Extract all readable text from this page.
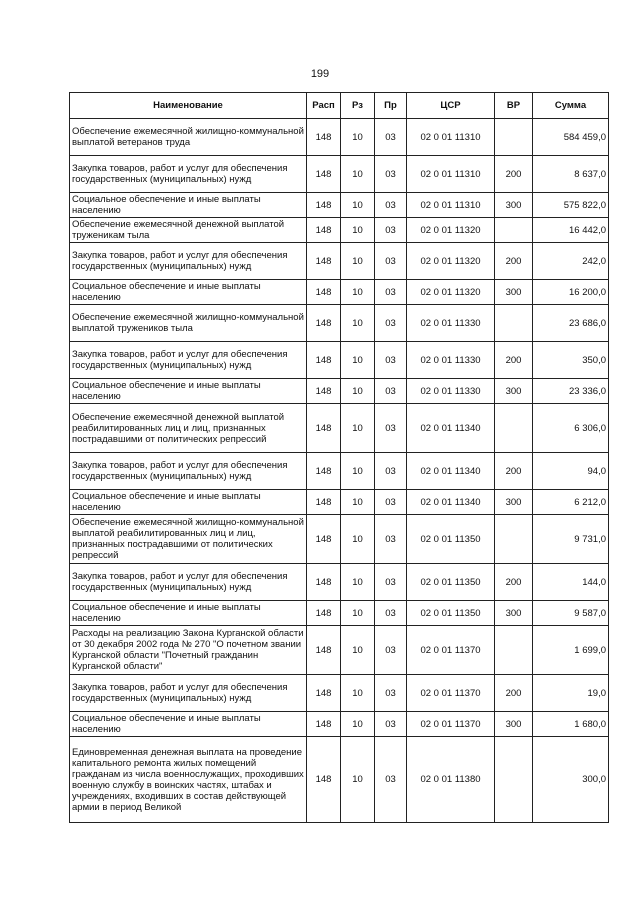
199
Наименование	Расп	Рз	Пр	ЦСР	ВР	Сумма
Обеспечение ежемесячной жилищно-коммунальной выплатой ветеранов труда	148	10	03	02 0 01 11310		584 459,0
Закупка товаров, работ и услуг для обеспечения государственных (муниципальных) нужд	148	10	03	02 0 01 11310	200	8 637,0
Социальное обеспечение и иные выплаты населению	148	10	03	02 0 01 11310	300	575 822,0
Обеспечение ежемесячной денежной выплатой труженикам тыла	148	10	03	02 0 01 11320		16 442,0
Закупка товаров, работ и услуг для обеспечения государственных (муниципальных) нужд	148	10	03	02 0 01 11320	200	242,0
Социальное обеспечение и иные выплаты населению	148	10	03	02 0 01 11320	300	16 200,0
Обеспечение ежемесячной жилищно-коммунальной выплатой тружеников тыла	148	10	03	02 0 01 11330		23 686,0
Закупка товаров, работ и услуг для обеспечения государственных (муниципальных) нужд	148	10	03	02 0 01 11330	200	350,0
Социальное обеспечение и иные выплаты населению	148	10	03	02 0 01 11330	300	23 336,0
Обеспечение ежемесячной денежной выплатой реабилитированных лиц и лиц, признанных пострадавшими от политических репрессий	148	10	03	02 0 01 11340		6 306,0
Закупка товаров, работ и услуг для обеспечения государственных (муниципальных) нужд	148	10	03	02 0 01 11340	200	94,0
Социальное обеспечение и иные выплаты населению	148	10	03	02 0 01 11340	300	6 212,0
Обеспечение ежемесячной жилищно-коммунальной выплатой реабилитированных лиц и лиц, признанных пострадавшими от политических репрессий	148	10	03	02 0 01 11350		9 731,0
Закупка товаров, работ и услуг для обеспечения государственных (муниципальных) нужд	148	10	03	02 0 01 11350	200	144,0
Социальное обеспечение и иные выплаты населению	148	10	03	02 0 01 11350	300	9 587,0
Расходы на реализацию Закона Курганской области от 30 декабря 2002 года № 270 "О почетном звании Курганской области "Почетный гражданин Курганской области"	148	10	03	02 0 01 11370		1 699,0
Закупка товаров, работ и услуг для обеспечения государственных (муниципальных) нужд	148	10	03	02 0 01 11370	200	19,0
Социальное обеспечение и иные выплаты населению	148	10	03	02 0 01 11370	300	1 680,0
Единовременная денежная выплата на проведение капитального ремонта жилых помещений гражданам из числа военнослужащих, проходивших военную службу в воинских частях, штабах и учреждениях, входивших в состав действующей армии в период Великой	148	10	03	02 0 01 11380		300,0
